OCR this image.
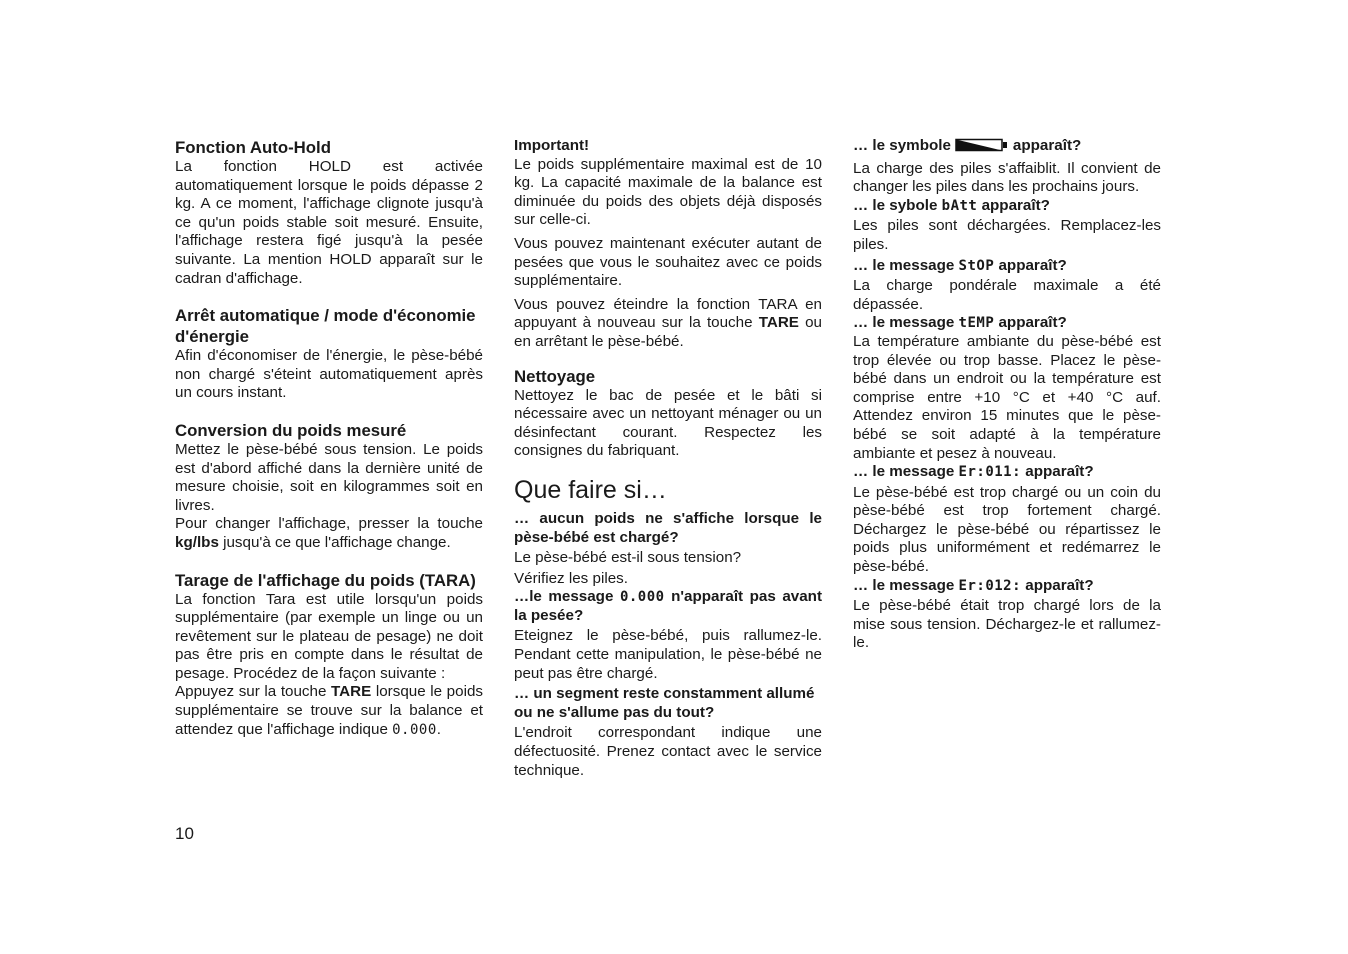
Fonction Auto-Hold

La fonction HOLD est activée automatiquement lorsque le poids dépasse 2 kg. A ce moment, l'affichage clignote jusqu'à ce qu'un poids stable soit mesuré. Ensuite, l'affichage restera figé jusqu'à la pesée suivante. La mention HOLD apparaît sur le cadran d'affichage.

Arrêt automatique / mode d'économie d'énergie

Afin d'économiser de l'énergie, le pèse-bébé non chargé s'éteint automatiquement après un cours instant.

Conversion du poids mesuré

Mettez le pèse-bébé sous tension. Le poids est d'abord affiché dans la dernière unité de mesure choisie, soit en kilogrammes soit en livres.

Pour changer l'affichage, presser la touche kg/lbs jusqu'à ce que l'affichage change.

Tarage de l'affichage du poids (TARA)

La fonction Tara est utile lorsqu'un poids supplémentaire (par exemple un linge ou un revêtement sur le plateau de pesage) ne doit pas être pris en compte dans le résultat de pesage. Procédez de la façon suivante :

Appuyez sur la touche TARE lorsque le poids supplémentaire se trouve sur la balance et attendez que l'affichage indique 0.000.

Important!

Le poids supplémentaire maximal est de 10 kg. La capacité maximale de la balance est diminuée du poids des objets déjà disposés sur celle-ci.

Vous pouvez maintenant exécuter autant de pesées que vous le souhaitez avec ce poids supplémentaire.

Vous pouvez éteindre la fonction TARA en appuyant à nouveau sur la touche TARE ou en arrêtant le pèse-bébé.

Nettoyage

Nettoyez le bac de pesée et le bâti si nécessaire avec un nettoyant ménager ou un désinfectant courant. Respectez les consignes du fabriquant.

Que faire si…
… aucun poids ne s'affiche lorsque le pèse-bébé est chargé?

Le pèse-bébé est-il sous tension?

Vérifiez les piles.

…le message 0.000 n'apparaît pas avant la pesée?

Eteignez le pèse-bébé, puis rallumez-le. Pendant cette manipulation, le pèse-bébé ne peut pas être chargé.

… un segment reste constamment allumé ou ne s'allume pas du tout?

L'endroit correspondant indique une défectuosité. Prenez contact avec le service technique.

… le symbole	apparaît?

La charge des piles s'affaiblit. Il convient de changer les piles dans les prochains jours.

… le sybole bAtt apparaît?

Les piles sont déchargées. Remplacez-les piles.

… le message StOP apparaît?

La charge pondérale maximale a été dépassée.

… le message tEMP apparaît?

La température ambiante du pèse-bébé est trop élevée ou trop basse. Placez le pèse-bébé dans un endroit ou la température est comprise entre +10 °C et +40 °C auf. Attendez environ 15 minutes que le pèse-bébé se soit adapté à la température ambiante et pesez à nouveau.

… le message Er:011: apparaît?

Le pèse-bébé est trop chargé ou un coin du pèse-bébé est trop fortement chargé. Déchargez le pèse-bébé ou répartissez le poids plus uniformément et redémarrez le pèse-bébé.

… le message Er:012: apparaît?

Le pèse-bébé était trop chargé lors de la mise sous tension. Déchargez-le et rallumez-le.

10
